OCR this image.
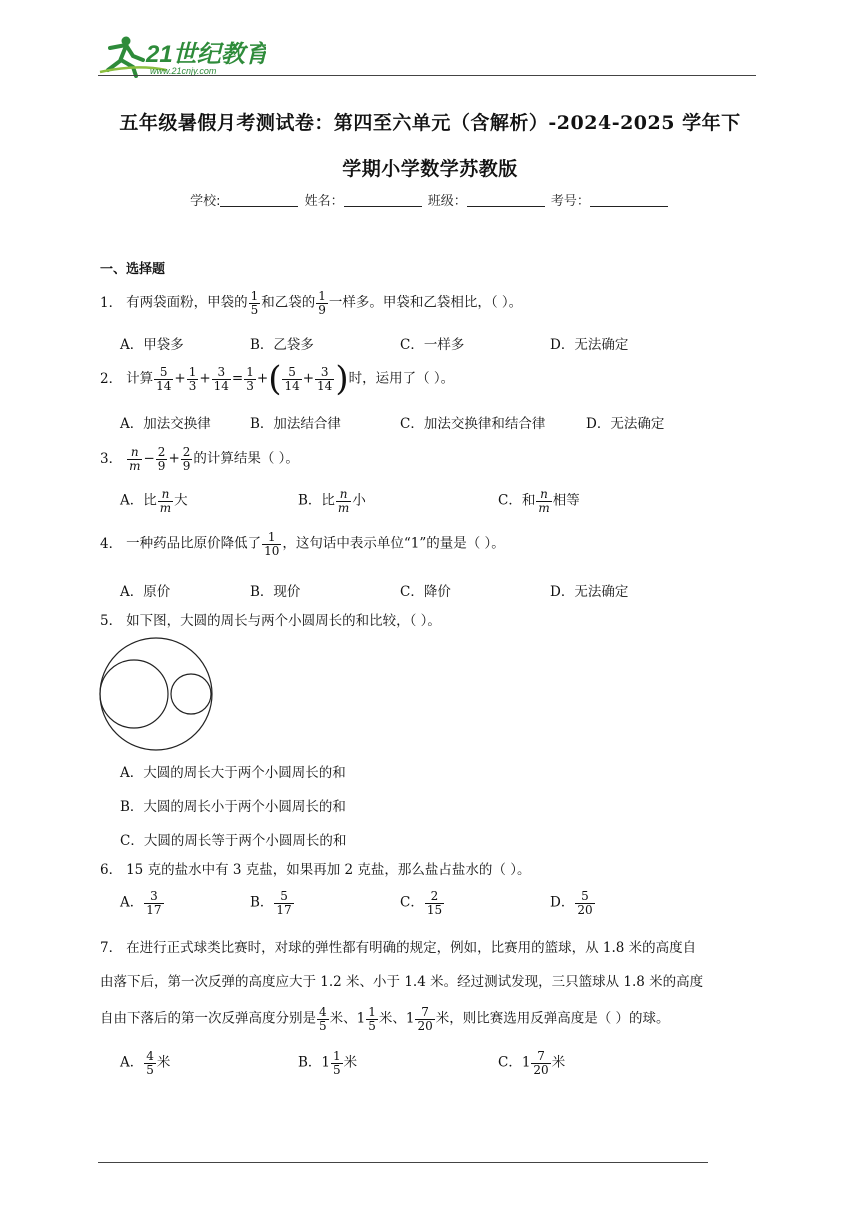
21世纪教育
www.21cnjy.com
五年级暑假月考测试卷：第四至六单元（含解析）-2024-2025 学年下
学期小学数学苏教版
学校:	姓名：	班级：	考号：
一、选择题
1． 有两袋面粉，甲袋的 $\frac{1}{5}$ 和乙袋的 $\frac{1}{9}$ 一样多。甲袋和乙袋相比，（ ）。
A．甲袋多	B．乙袋多	C．一样多	D．无法确定
2． 计算 $\frac{5}{14} + \frac{1}{3} + \frac{3}{14} = \frac{1}{3}$ +( $\frac{5}{14} + \frac{3}{14}$ )时，运用了（ ）。
A．加法交换律	B．加法结合律	C．加法交换律和结合律	D．无法确定
3． $\frac{n}{m} - \frac{2}{9} + \frac{2}{9}$ 的计算结果（ ）。
A．比 $\frac{n}{m}$ 大	B．比 $\frac{n}{m}$ 小	C．和 $\frac{n}{m}$ 相等
4． 一种药品比原价降低了 $\frac{1}{10}$ ，这句话中表示单位“1”的量是（ ）。
A．原价	B．现价	C．降价	D．无法确定
5． 如下图，大圆的周长与两个小圆周长的和比较，（ ）。
A．大圆的周长大于两个小圆周长的和
B．大圆的周长小于两个小圆周长的和
C．大圆的周长等于两个小圆周长的和
6． 15 克的盐水中有 3 克盐，如果再加 2 克盐，那么盐占盐水的（ ）。
A． $\frac{3}{17}$	B． $\frac{5}{17}$	C． $\frac{2}{15}$	D． $\frac{5}{20}$
7． 在进行正式球类比赛时，对球的弹性都有明确的规定，例如，比赛用的篮球，从 1.8 米的高度自
由落下后，第一次反弹的高度应大于 1.2 米、小于 1.4 米。经过测试发现，三只篮球从 1.8 米的高度
自由下落后的第一次反弹高度分别是 $\frac{4}{5}$ 米、$1 \frac{1}{5}$ 米、$1 \frac{7}{20}$ 米，则比赛选用反弹高度是（ ）的球。
A． $\frac{4}{5}$ 米	B．$1 \frac{1}{5}$ 米	C．$1 \frac{7}{20}$ 米
